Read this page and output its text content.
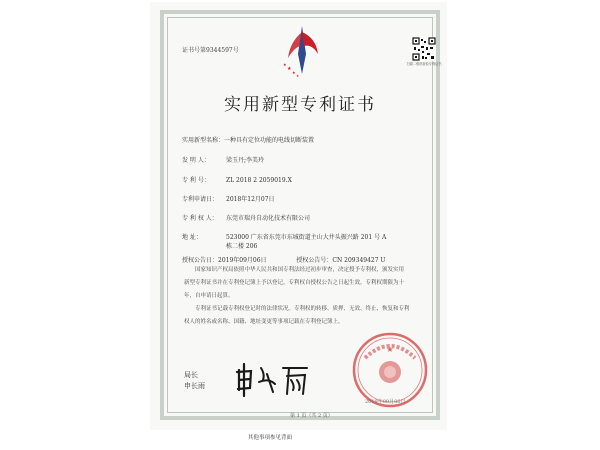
证书号第9344597号
★
★
★
★
扫描二维码查验专利证书
实用新型专利证书
实用新型名称：一种具有定位功能的电线切断装置
发 明 人：	梁玉丹;李美玲
专 利 号：	ZL 2018 2 2059019.X
专利申请日： 2018年12月07日
专 利 权 人： 东莞市瑞舟自动化技术有限公司
地 址：	523000 广东省东莞市东城街道主山大井头振兴路 201 号 A
栋二楼 206
授权公告日：2019年09月06日	授权公告号：CN 209349427 U
国家知识产权局依照中华人民共和国专利法经过初步审查，决定授予专利权，颁发实用
新型专利证书并在专利登记簿上予以登记。专利权自授权公告之日起生效。专利权期限为十
年，自申请日起算。
专利证书记载专利权登记时的法律状况。专利权的转移、质押、无效、终止、恢复和专利
权人的姓名或名称、国籍、地址变更等事项记载在专利登记簿上。
局长
申长雨
★
2019年09月06日
第 1 页（共 2 页）
其他事项参见背面
